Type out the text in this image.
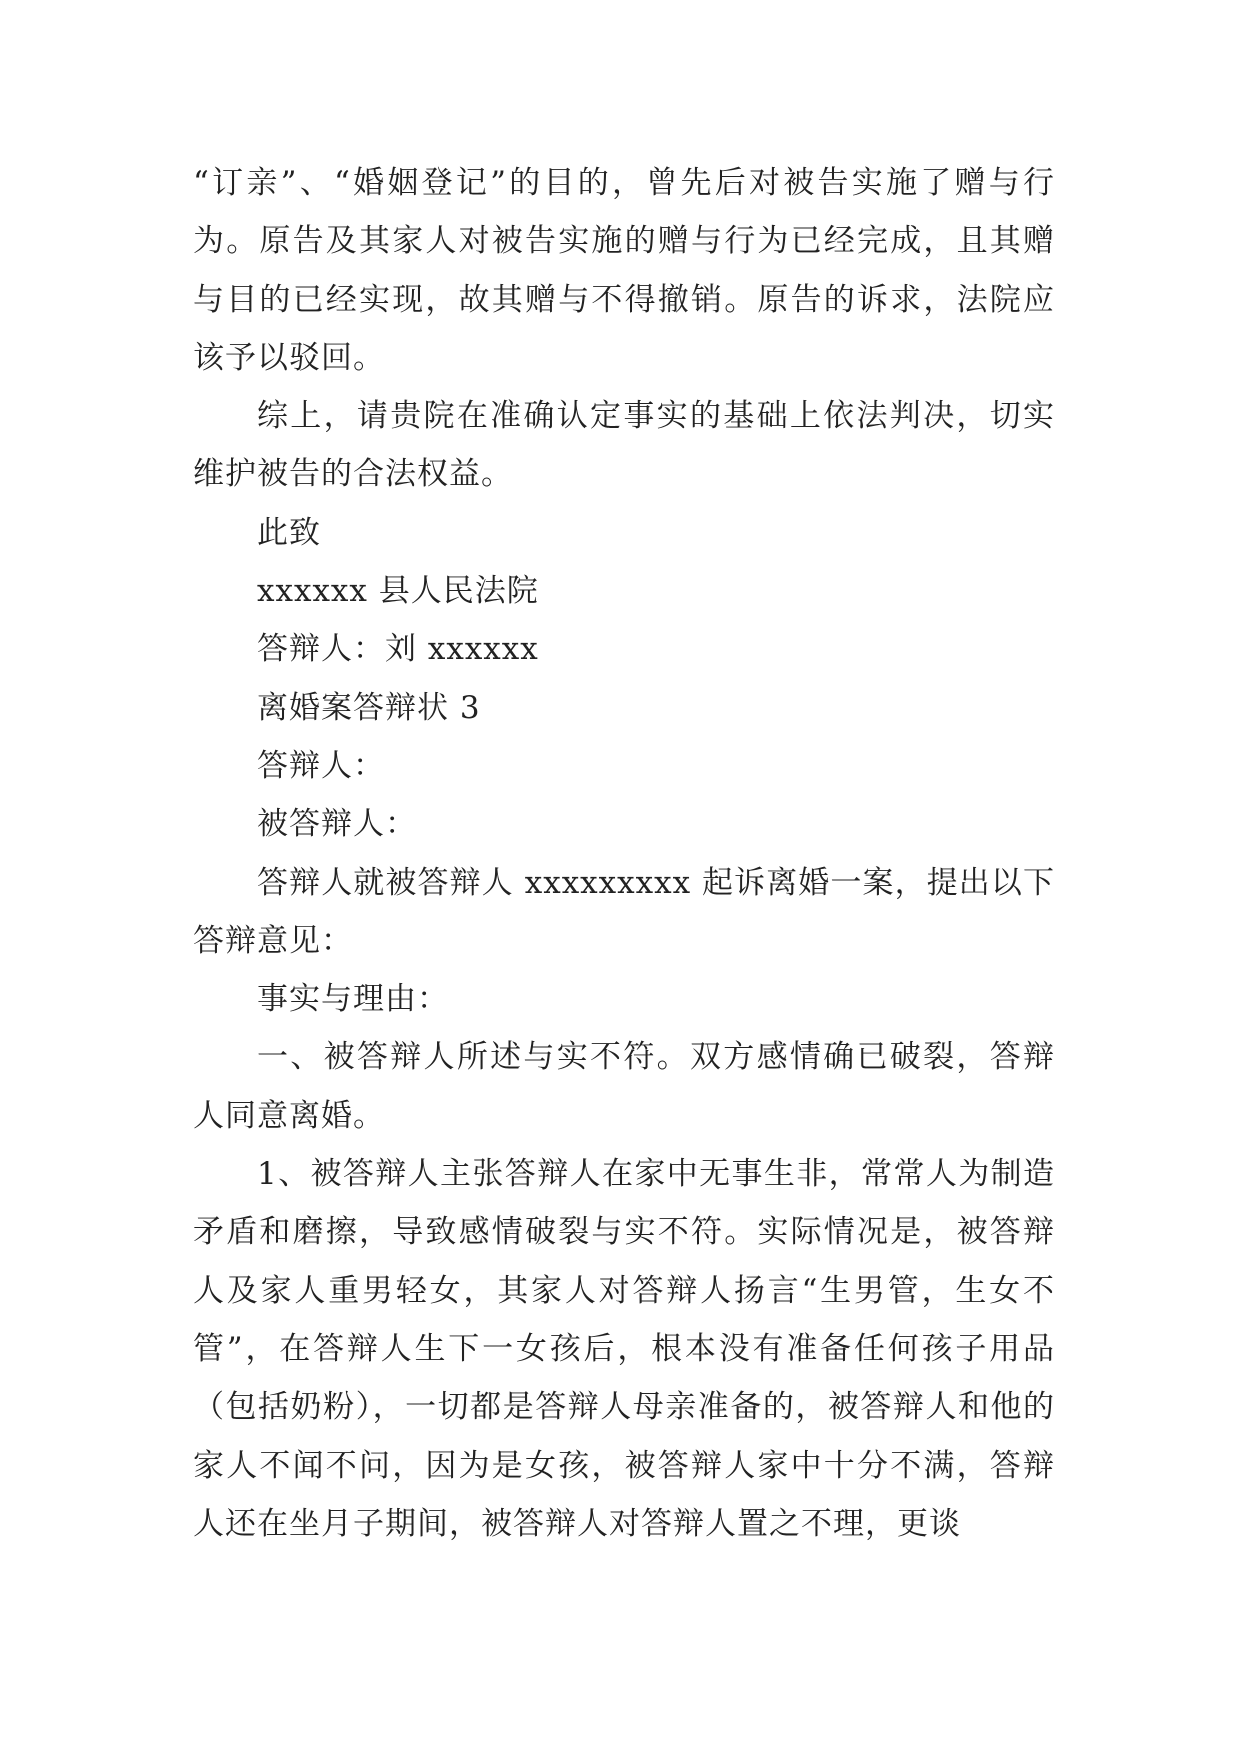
“订亲”、“婚姻登记”的目的，曾先后对被告实施了赠与行为。原告及其家人对被告实施的赠与行为已经完成，且其赠与目的已经实现，故其赠与不得撤销。原告的诉求，法院应该予以驳回。

综上，请贵院在准确认定事实的基础上依法判决，切实维护被告的合法权益。

此致

xxxxxx 县人民法院

答辩人：刘 xxxxxx

离婚案答辩状 3

答辩人：

被答辩人：

答辩人就被答辩人 xxxxxxxxx 起诉离婚一案，提出以下答辩意见：

事实与理由：

一、被答辩人所述与实不符。双方感情确已破裂，答辩人同意离婚。

1、被答辩人主张答辩人在家中无事生非，常常人为制造矛盾和磨擦，导致感情破裂与实不符。实际情况是，被答辩人及家人重男轻女，其家人对答辩人扬言“生男管，生女不管”，在答辩人生下一女孩后，根本没有准备任何孩子用品（包括奶粉），一切都是答辩人母亲准备的，被答辩人和他的家人不闻不问，因为是女孩，被答辩人家中十分不满，答辩人还在坐月子期间，被答辩人对答辩人置之不理，更谈
